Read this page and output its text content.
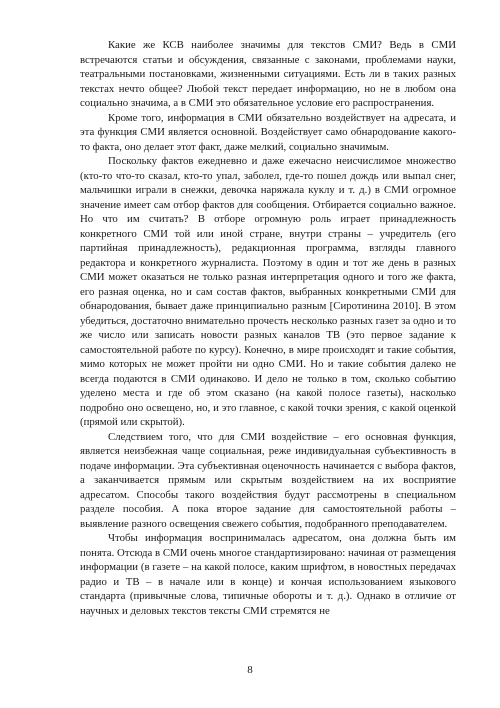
Какие же КСВ наиболее значимы для текстов СМИ? Ведь в СМИ встречаются статьи и обсуждения, связанные с законами, проблемами науки, театральными постановками, жизненными ситуациями. Есть ли в таких разных текстах нечто общее? Любой текст передает информацию, но не в любом она социально значима, а в СМИ это обязательное условие его распространения.

Кроме того, информация в СМИ обязательно воздействует на адресата, и эта функция СМИ является основной. Воздействует само обнародование какого-то факта, оно делает этот факт, даже мелкий, социально значимым.

Поскольку фактов ежедневно и даже ежечасно неисчислимое множество (кто-то что-то сказал, кто-то упал, заболел, где-то пошел дождь или выпал снег, мальчишки играли в снежки, девочка наряжала куклу и т. д.) в СМИ огромное значение имеет сам отбор фактов для сообщения. Отбирается социально важное. Но что им считать? В отборе огромную роль играет принадлежность конкретного СМИ той или иной стране, внутри страны – учредитель (его партийная принадлежность), редакционная программа, взгляды главного редактора и конкретного журналиста. Поэтому в один и тот же день в разных СМИ может оказаться не только разная интерпретация одного и того же факта, его разная оценка, но и сам состав фактов, выбранных конкретными СМИ для обнародования, бывает даже принципиально разным [Сиротинина 2010]. В этом убедиться, достаточно внимательно прочесть несколько разных газет за одно и то же число или записать новости разных каналов ТВ (это первое задание к самостоятельной работе по курсу). Конечно, в мире происходят и такие события, мимо которых не может пройти ни одно СМИ. Но и такие события далеко не всегда подаются в СМИ одинаково. И дело не только в том, сколько событию уделено места и где об этом сказано (на какой полосе газеты), насколько подробно оно освещено, но, и это главное, с какой точки зрения, с какой оценкой (прямой или скрытой).

Следствием того, что для СМИ воздействие – его основная функция, является неизбежная чаще социальная, реже индивидуальная субъективность в подаче информации. Эта субъективная оценочность начинается с выбора фактов, а заканчивается прямым или скрытым воздействием на их восприятие адресатом. Способы такого воздействия будут рассмотрены в специальном разделе пособия. А пока второе задание для самостоятельной работы – выявление разного освещения свежего события, подобранного преподавателем.

Чтобы информация воспринималась адресатом, она должна быть им понята. Отсюда в СМИ очень многое стандартизировано: начиная от размещения информации (в газете – на какой полосе, каким шрифтом, в новостных передачах радио и ТВ – в начале или в конце) и кончая использованием языкового стандарта (привычные слова, типичные обороты и т. д.). Однако в отличие от научных и деловых текстов тексты СМИ стремятся не

8
